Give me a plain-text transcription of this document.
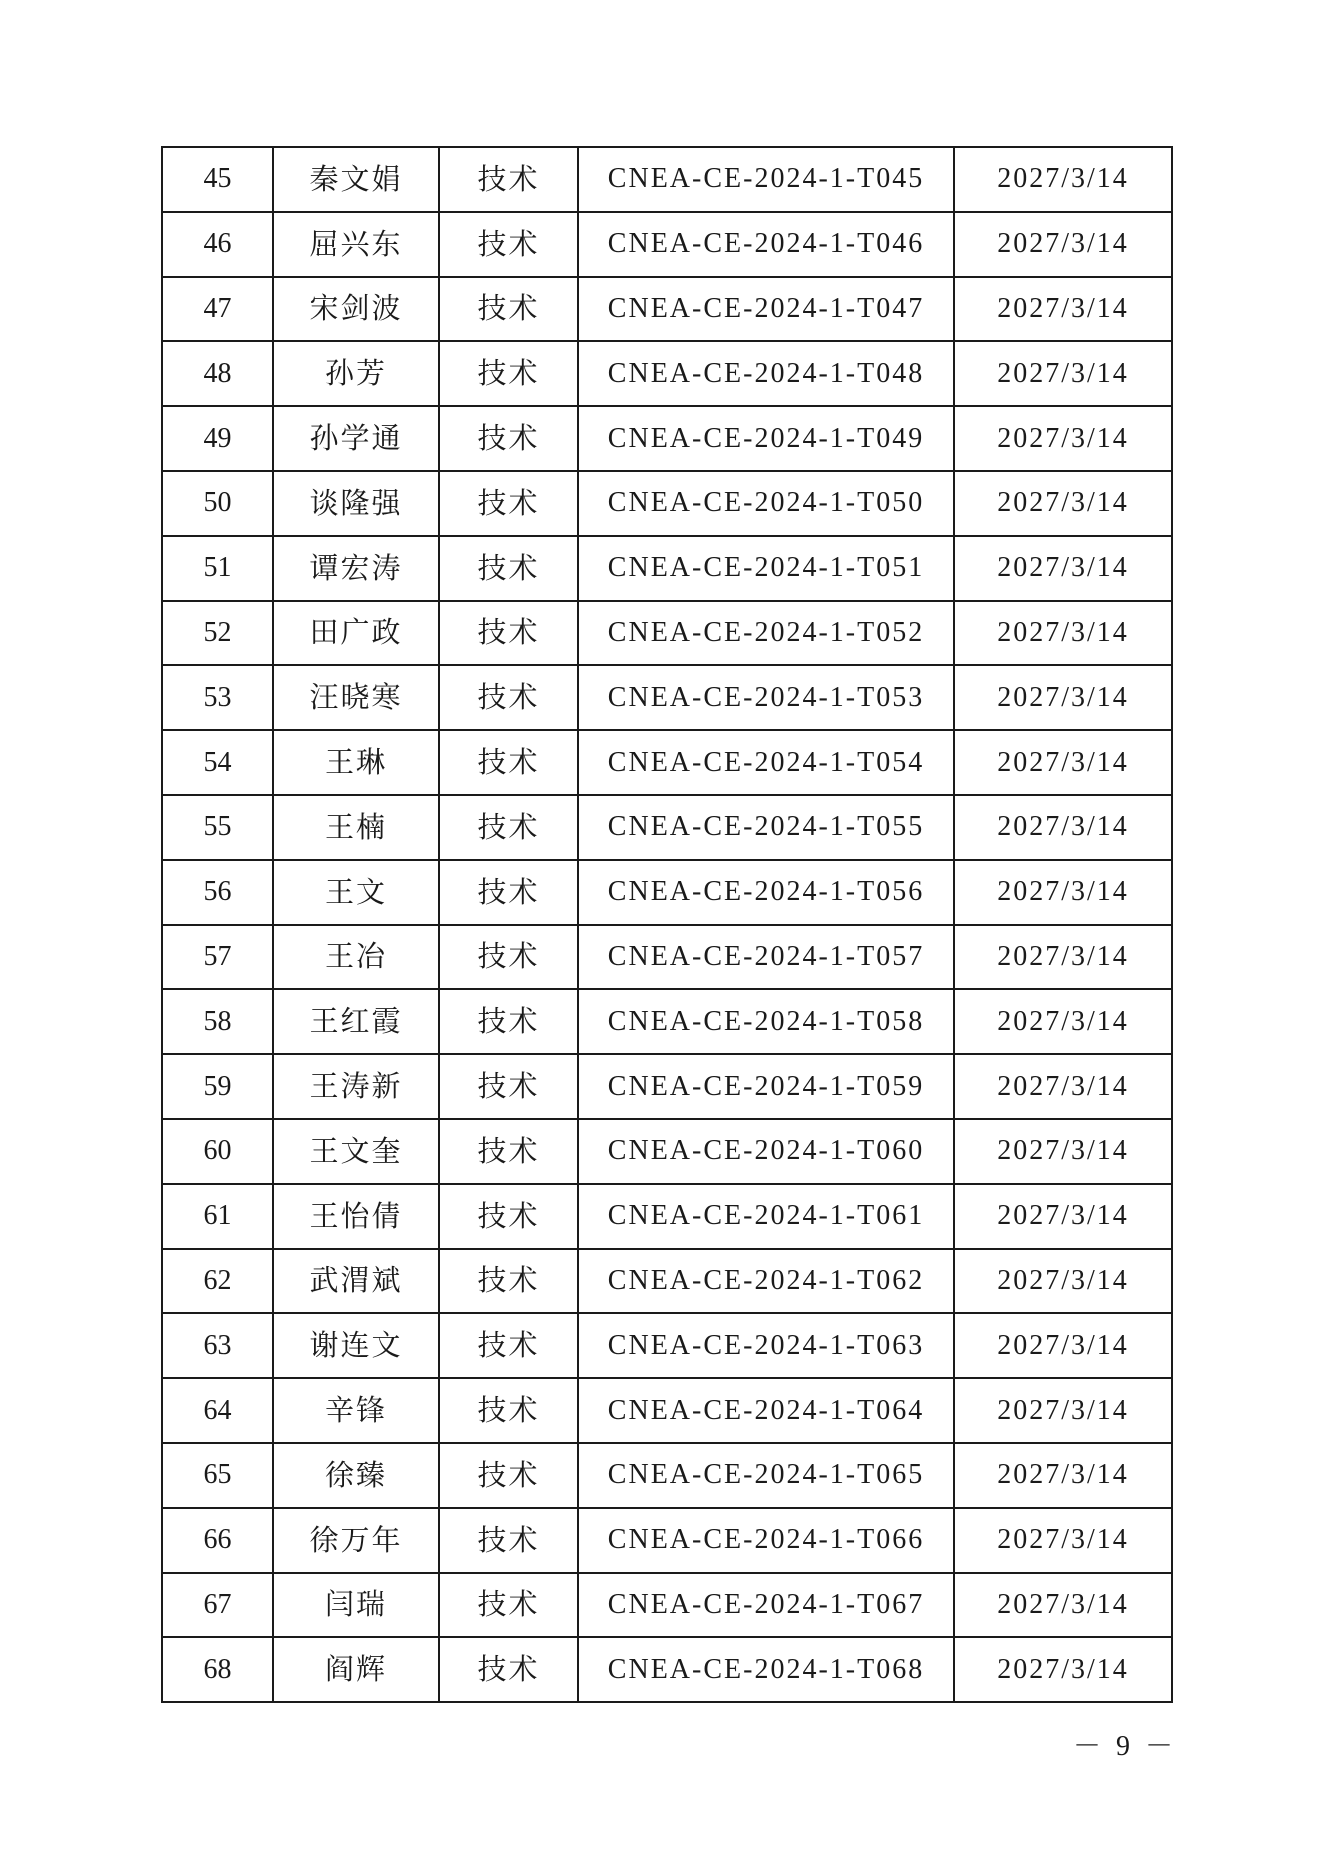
45	秦文娟	技术	CNEA-CE-2024-1-T045	2027/3/14
46	屈兴东	技术	CNEA-CE-2024-1-T046	2027/3/14
47	宋剑波	技术	CNEA-CE-2024-1-T047	2027/3/14
48	孙芳	技术	CNEA-CE-2024-1-T048	2027/3/14
49	孙学通	技术	CNEA-CE-2024-1-T049	2027/3/14
50	谈隆强	技术	CNEA-CE-2024-1-T050	2027/3/14
51	谭宏涛	技术	CNEA-CE-2024-1-T051	2027/3/14
52	田广政	技术	CNEA-CE-2024-1-T052	2027/3/14
53	汪晓寒	技术	CNEA-CE-2024-1-T053	2027/3/14
54	王琳	技术	CNEA-CE-2024-1-T054	2027/3/14
55	王楠	技术	CNEA-CE-2024-1-T055	2027/3/14
56	王文	技术	CNEA-CE-2024-1-T056	2027/3/14
57	王冶	技术	CNEA-CE-2024-1-T057	2027/3/14
58	王红霞	技术	CNEA-CE-2024-1-T058	2027/3/14
59	王涛新	技术	CNEA-CE-2024-1-T059	2027/3/14
60	王文奎	技术	CNEA-CE-2024-1-T060	2027/3/14
61	王怡倩	技术	CNEA-CE-2024-1-T061	2027/3/14
62	武渭斌	技术	CNEA-CE-2024-1-T062	2027/3/14
63	谢连文	技术	CNEA-CE-2024-1-T063	2027/3/14
64	辛锋	技术	CNEA-CE-2024-1-T064	2027/3/14
65	徐臻	技术	CNEA-CE-2024-1-T065	2027/3/14
66	徐万年	技术	CNEA-CE-2024-1-T066	2027/3/14
67	闫瑞	技术	CNEA-CE-2024-1-T067	2027/3/14
68	阎辉	技术	CNEA-CE-2024-1-T068	2027/3/14
－ 9 －
